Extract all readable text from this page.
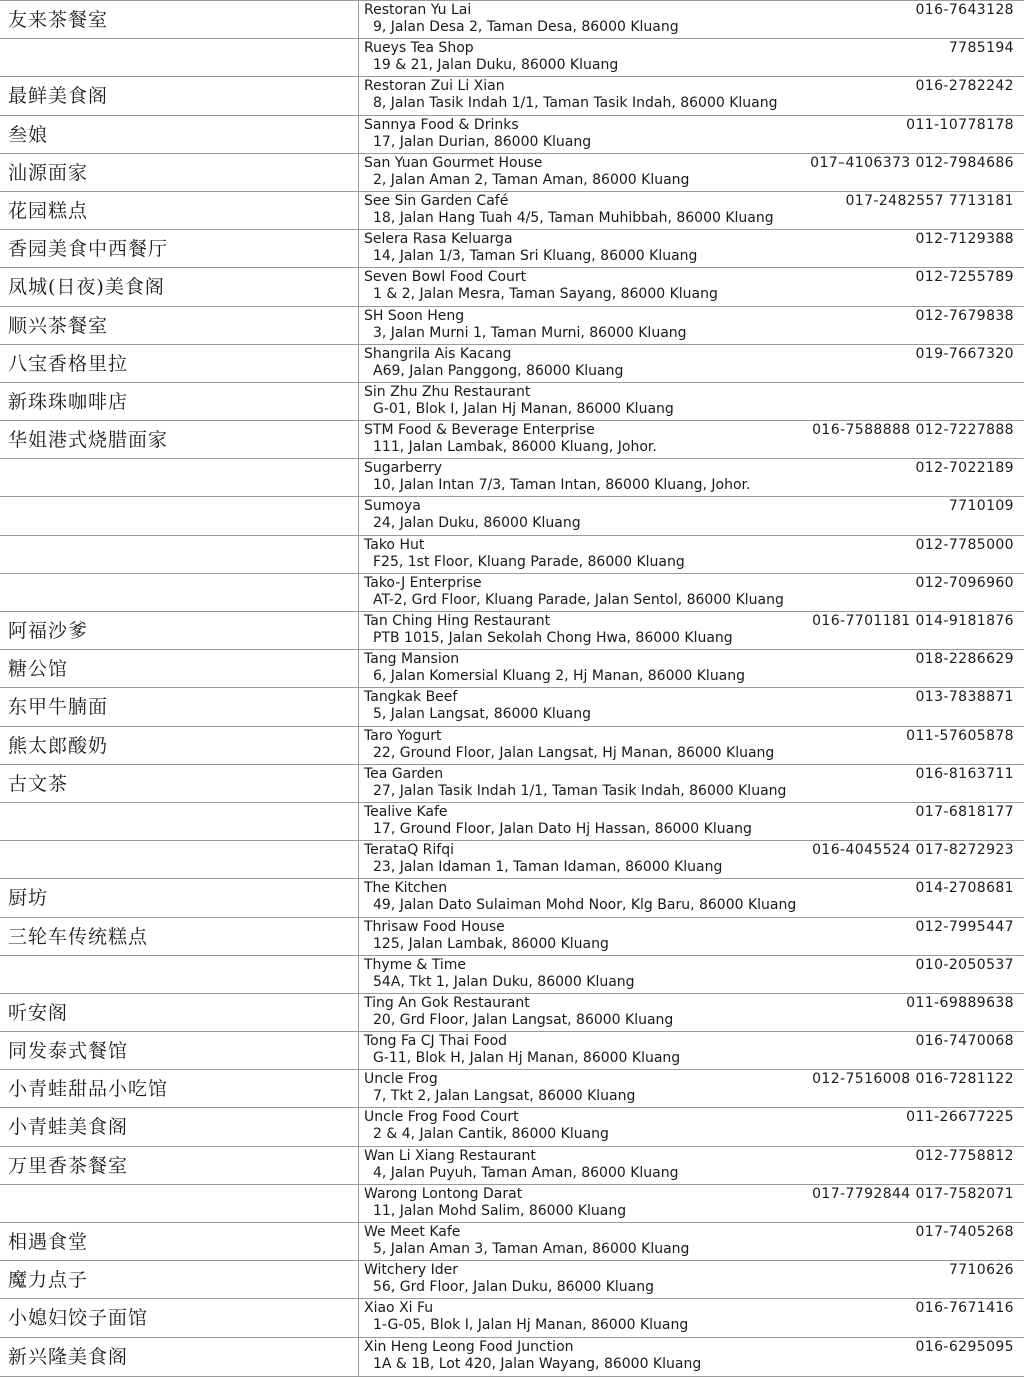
友来茶餐室	Restoran Yu Lai
9, Jalan Desa 2, Taman Desa, 86000 Kluang
016-7643128
Rueys Tea Shop
19 & 21, Jalan Duku, 86000 Kluang
7785194
最鲜美食阁	Restoran Zui Li Xian
8, Jalan Tasik Indah 1/1, Taman Tasik Indah, 86000 Kluang
016-2782242
叁娘	Sannya Food & Drinks
17, Jalan Durian, 86000 Kluang
011-10778178
汕源面家	San Yuan Gourmet House
2, Jalan Aman 2, Taman Aman, 86000 Kluang
017–4106373 012-7984686
花园糕点	See Sin Garden Café
18, Jalan Hang Tuah 4/5, Taman Muhibbah, 86000 Kluang
017-2482557 7713181
香园美食中西餐厅	Selera Rasa Keluarga
14, Jalan 1/3, Taman Sri Kluang, 86000 Kluang
012-7129388
凤城(日夜)美食阁	Seven Bowl Food Court
1 & 2, Jalan Mesra, Taman Sayang, 86000 Kluang
012-7255789
顺兴茶餐室	SH Soon Heng
3, Jalan Murni 1, Taman Murni, 86000 Kluang
012-7679838
八宝香格里拉	Shangrila Ais Kacang
A69, Jalan Panggong, 86000 Kluang
019-7667320
新珠珠咖啡店	Sin Zhu Zhu Restaurant
G-01, Blok I, Jalan Hj Manan, 86000 Kluang
华姐港式烧腊面家	STM Food & Beverage Enterprise
111, Jalan Lambak, 86000 Kluang, Johor.
016-7588888 012-7227888
Sugarberry
10, Jalan Intan 7/3, Taman Intan, 86000 Kluang, Johor.
012-7022189
Sumoya
24, Jalan Duku, 86000 Kluang
7710109
Tako Hut
F25, 1st Floor, Kluang Parade, 86000 Kluang
012-7785000
Tako-J Enterprise
AT-2, Grd Floor, Kluang Parade, Jalan Sentol, 86000 Kluang
012-7096960
阿福沙爹	Tan Ching Hing Restaurant
PTB 1015, Jalan Sekolah Chong Hwa, 86000 Kluang
016-7701181 014-9181876
糖公馆	Tang Mansion
6, Jalan Komersial Kluang 2, Hj Manan, 86000 Kluang
018-2286629
东甲牛腩面	Tangkak Beef
5, Jalan Langsat, 86000 Kluang
013-7838871
熊太郎酸奶	Taro Yogurt
22, Ground Floor, Jalan Langsat, Hj Manan, 86000 Kluang
011-57605878
古文茶	Tea Garden
27, Jalan Tasik Indah 1/1, Taman Tasik Indah, 86000 Kluang
016-8163711
Tealive Kafe
17, Ground Floor, Jalan Dato Hj Hassan, 86000 Kluang
017-6818177
TerataQ Rifqi
23, Jalan Idaman 1, Taman Idaman, 86000 Kluang
016-4045524 017-8272923
厨坊	The Kitchen
49, Jalan Dato Sulaiman Mohd Noor, Klg Baru, 86000 Kluang
014-2708681
三轮车传统糕点	Thrisaw Food House
125, Jalan Lambak, 86000 Kluang
012-7995447
Thyme & Time
54A, Tkt 1, Jalan Duku, 86000 Kluang
010-2050537
听安阁	Ting An Gok Restaurant
20, Grd Floor, Jalan Langsat, 86000 Kluang
011-69889638
同发泰式餐馆	Tong Fa CJ Thai Food
G-11, Blok H, Jalan Hj Manan, 86000 Kluang
016-7470068
小青蛙甜品小吃馆	Uncle Frog
7, Tkt 2, Jalan Langsat, 86000 Kluang
012-7516008 016-7281122
小青蛙美食阁	Uncle Frog Food Court
2 & 4, Jalan Cantik, 86000 Kluang
011-26677225
万里香茶餐室	Wan Li Xiang Restaurant
4, Jalan Puyuh, Taman Aman, 86000 Kluang
012-7758812
Warong Lontong Darat
11, Jalan Mohd Salim, 86000 Kluang
017-7792844 017-7582071
相遇食堂	We Meet Kafe
5, Jalan Aman 3, Taman Aman, 86000 Kluang
017-7405268
魔力点子	Witchery Ider
56, Grd Floor, Jalan Duku, 86000 Kluang
7710626
小媳妇饺子面馆	Xiao Xi Fu
1-G-05, Blok I, Jalan Hj Manan, 86000 Kluang
016-7671416
新兴隆美食阁	Xin Heng Leong Food Junction
1A & 1B, Lot 420, Jalan Wayang, 86000 Kluang
016-6295095
